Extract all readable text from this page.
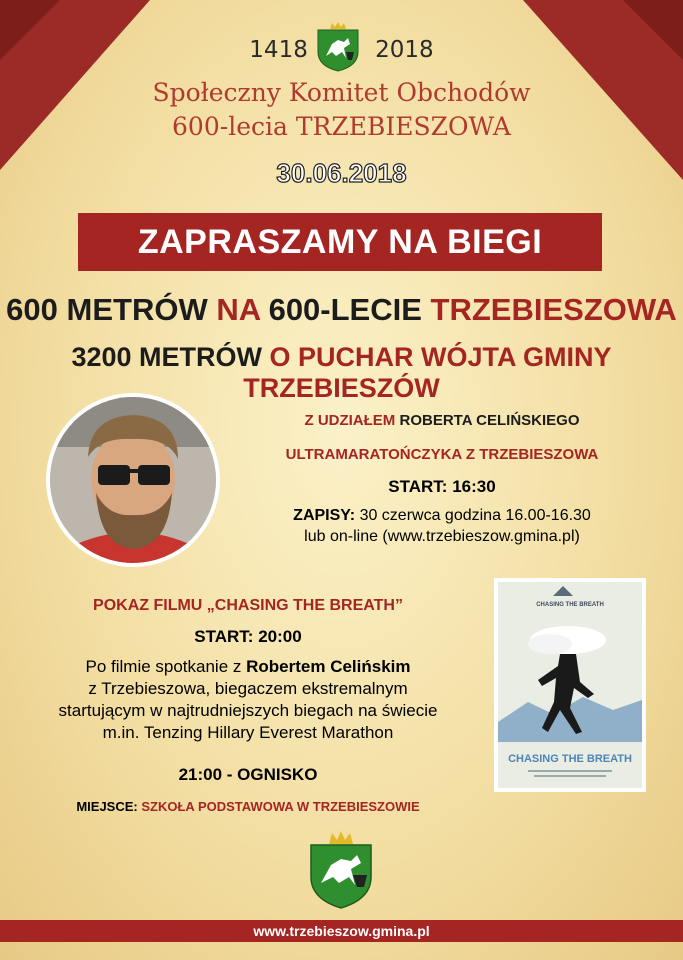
1418	2018
Społeczny Komitet Obchodów
600-lecia TRZEBIESZOWA
30.06.2018
ZAPRASZAMY NA BIEGI
600 METRÓW NA 600-LECIE TRZEBIESZOWA
3200 METRÓW O PUCHAR WÓJTA GMINY TRZEBIESZÓW
Z UDZIAŁEM ROBERTA CELIŃSKIEGO
ULTRAMARATOŃCZYKA Z TRZEBIESZOWA
START: 16:30
ZAPISY: 30 czerwca godzina 16.00-16.30
lub on-line (www.trzebieszow.gmina.pl)
CHASING THE BREATH
CHASING THE BREATH
POKAZ FILMU „CHASING THE BREATH”
START: 20:00
Po filmie spotkanie z Robertem Celińskim
z Trzebieszowa, biegaczem ekstremalnym
startującym w najtrudniejszych biegach na świecie
m.in. Tenzing Hillary Everest Marathon
21:00 - OGNISKO
MIEJSCE: SZKOŁA PODSTAWOWA W TRZEBIESZOWIE
www.trzebieszow.gmina.pl
